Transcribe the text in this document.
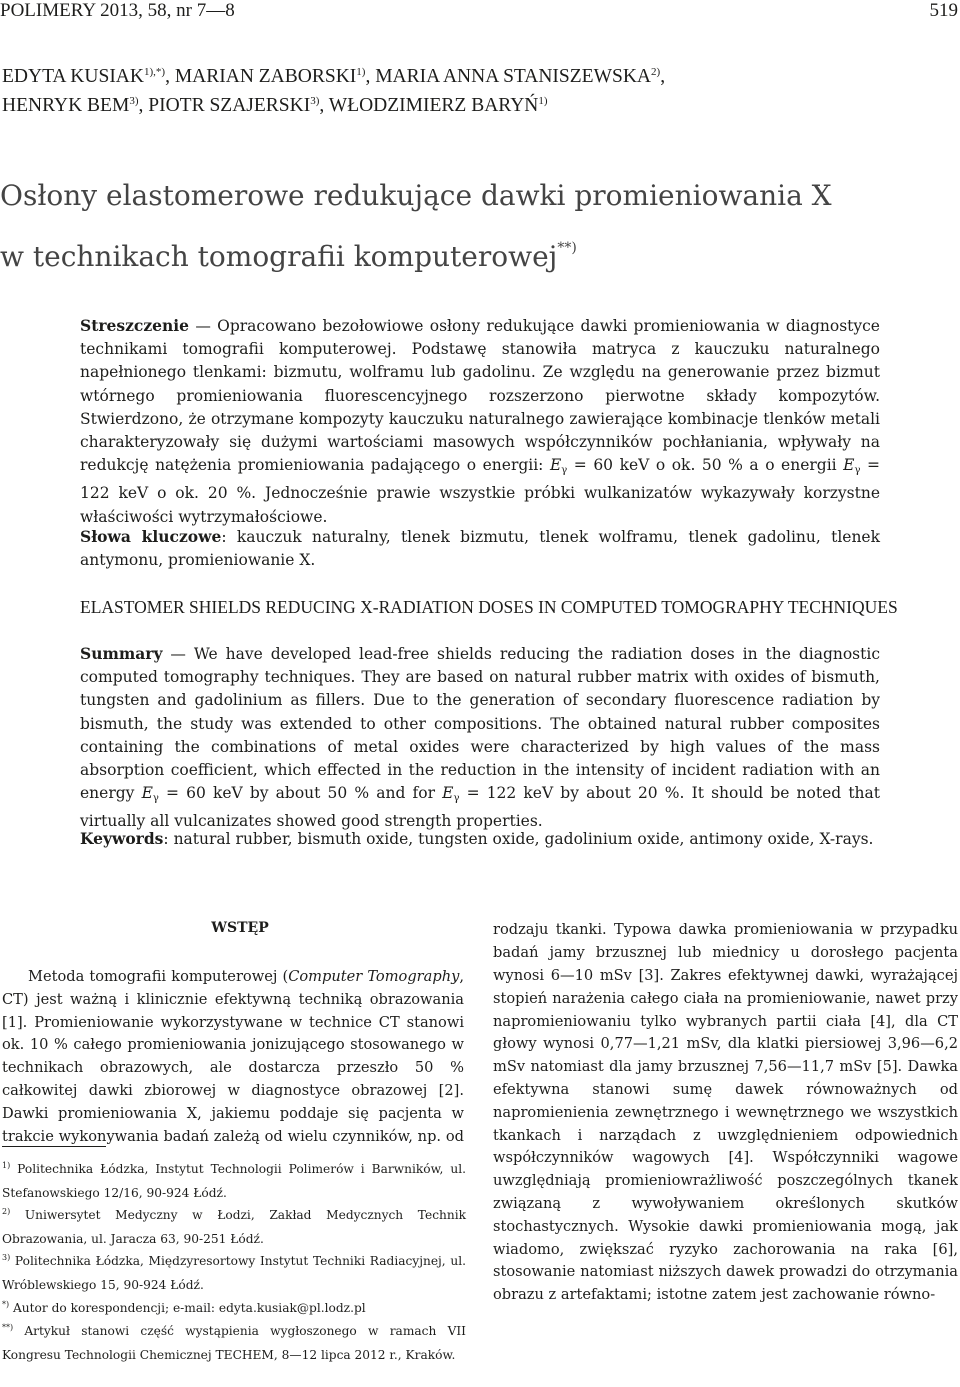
POLIMERY 2013, 58, nr 7—8	519
EDYTA $KUSIAK^{1),*)}$, MARIAN ZABORSKI$^{1)}$, MARIA ANNA STANISZEWSKA$^{2)}$,
HENRYK BEM$^{3)}$, PIOTR SZAJERSKI$^{3)}$, WŁODZIMIERZ BARYŃ$^{1)}$
Osłony elastomerowe redukujące dawki promieniowania X
w technikach tomografii komputerowej**)

Streszczenie — Opracowano bezołowiowe osłony redukujące dawki promieniowania w diagnostyce technikami tomografii komputerowej. Podstawę stanowiła matryca z kauczuku naturalnego napełnionego tlenkami: bizmutu, wolframu lub gadolinu. Ze względu na generowanie przez bizmut wtórnego promieniowania fluorescencyjnego rozszerzono pierwotne składy kompozytów. Stwierdzono, że otrzymane kompozyty kauczuku naturalnego zawierające kombinacje tlenków metali charakteryzowały się dużymi wartościami masowych współczynników pochłaniania, wpływały na redukcję natężenia promieniowania padającego o energii: $E_\gamma = 60$ keV o ok. 50 % a o energii $E_\gamma = 122$ keV o ok. 20 %. Jednocześnie prawie wszystkie próbki wulkanizatów wykazywały korzystne właściwości wytrzymałościowe.

Słowa kluczowe: kauczuk naturalny, tlenek bizmutu, tlenek wolframu, tlenek gadolinu, tlenek antymonu, promieniowanie X.

ELASTOMER SHIELDS REDUCING X-RADIATION DOSES IN COMPUTED TOMOGRAPHY TECHNIQUES

Summary — We have developed lead-free shields reducing the radiation doses in the diagnostic computed tomography techniques. They are based on natural rubber matrix with oxides of bismuth, tungsten and gadolinium as fillers. Due to the generation of secondary fluorescence radiation by bismuth, the study was extended to other compositions. The obtained natural rubber composites containing the combinations of metal oxides were characterized by high values of the mass absorption coefficient, which effected in the reduction in the intensity of incident radiation with an energy $E_\gamma = 60$ keV by about 50 % and for $E_\gamma = 122$ keV by about 20 %. It should be noted that virtually all vulcanizates showed good strength properties.

Keywords: natural rubber, bismuth oxide, tungsten oxide, gadolinium oxide, antimony oxide, X-rays.

WSTĘP

Metoda tomografii komputerowej (Computer Tomography, CT) jest ważną i klinicznie efektywną techniką obrazowania [1]. Promieniowanie wykorzystywane w technice CT stanowi ok. 10 % całego promieniowania jonizującego stosowanego w technikach obrazowych, ale dostarcza przeszło 50 % całkowitej dawki zbiorowej w diagnostyce obrazowej [2]. Dawki promieniowania X, jakiemu poddaje się pacjenta w trakcie wykonywania badań zależą od wielu czynników, np. od

rodzaju tkanki. Typowa dawka promieniowania w przypadku badań jamy brzusznej lub miednicy u dorosłego pacjenta wynosi 6—10 mSv [3]. Zakres efektywnej dawki, wyrażającej stopień narażenia całego ciała na promieniowanie, nawet przy napromieniowaniu tylko wybranych partii ciała [4], dla CT głowy wynosi 0,77—1,21 mSv, dla klatki piersiowej 3,96—6,2 mSv natomiast dla jamy brzusznej 7,56—11,7 mSv [5]. Dawka efektywna stanowi sumę dawek równoważnych od napromienienia zewnętrznego i wewnętrznego we wszystkich tkankach i narządach z uwzględnieniem odpowiednich współczynników wagowych [4]. Współczynniki wagowe uwzględniają promieniowrażliwość poszczególnych tkanek związaną z wywoływaniem określonych skutków stochastycznych. Wysokie dawki promieniowania mogą, jak wiadomo, zwiększać ryzyko zachorowania na raka [6], stosowanie natomiast niższych dawek prowadzi do otrzymania obrazu z artefaktami; istotne zatem jest zachowanie równo-

$^{1)}$ Politechnika Łódzka, Instytut Technologii Polimerów i Barwników, ul. Stefanowskiego 12/16, 90-924 Łódź.

$^{2)}$ Uniwersytet Medyczny w Łodzi, Zakład Medycznych Technik Obrazowania, ul. Jaracza 63, 90-251 Łódź.

$^{3)}$ Politechnika Łódzka, Międzyresortowy Instytut Techniki Radiacyjnej, ul. Wróblewskiego 15, 90-924 Łódź.

*) Autor do korespondencji; e-mail: edyta.kusiak@pl.lodz.pl

**) Artykuł stanowi część wystąpienia wygłoszonego w ramach VII Kongresu Technologii Chemicznej TECHEM, 8—12 lipca 2012 r., Kraków.
